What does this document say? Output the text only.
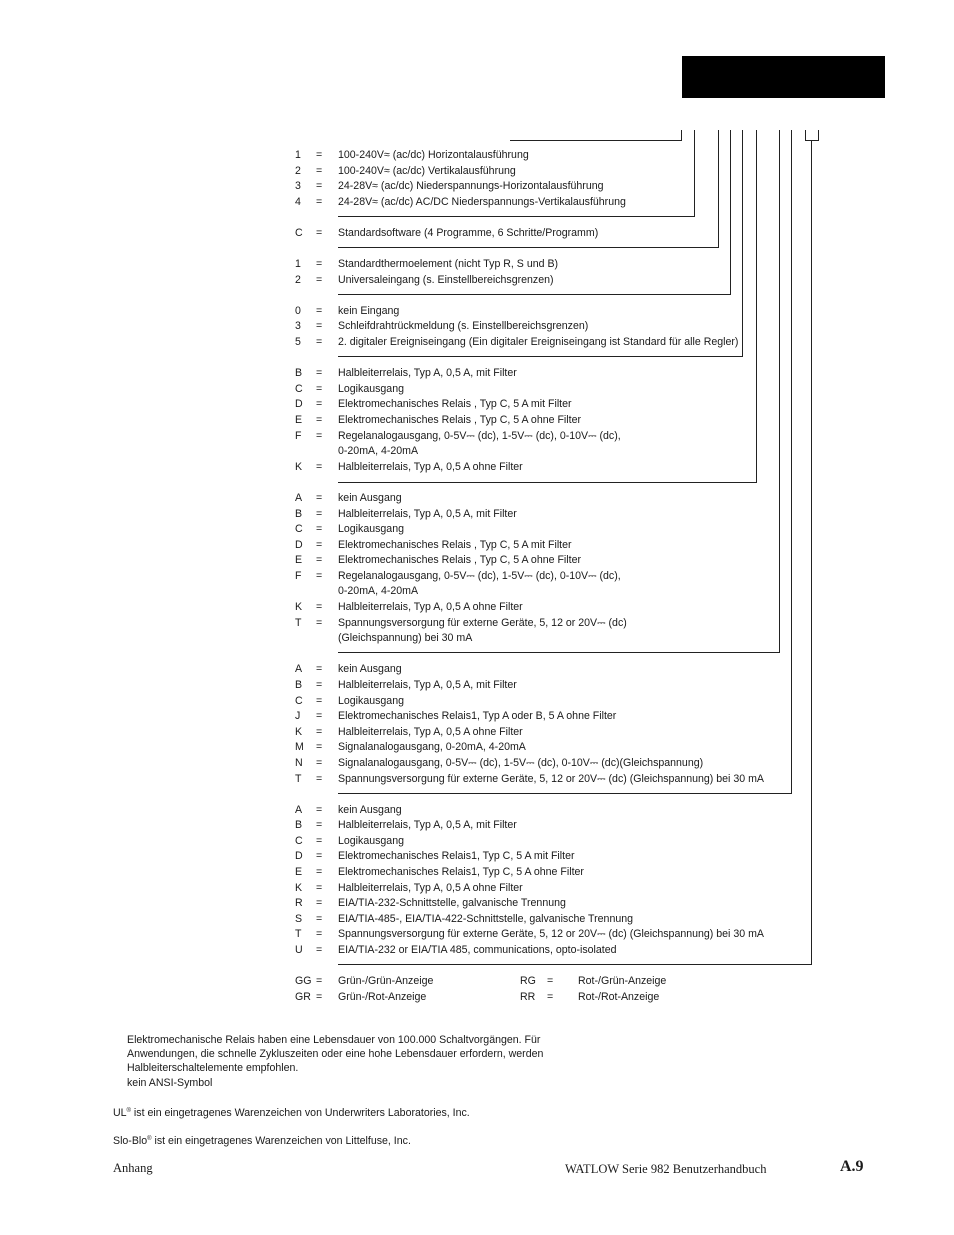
1 = 100-240V≈ (ac/dc) Horizontalausführung
2 = 100-240V≈ (ac/dc) Vertikalausführung
3 = 24-28V≈ (ac/dc) Niederspannungs-Horizontalausführung
4 = 24-28V≈ (ac/dc) AC/DC Niederspannungs-Vertikalausführung
C = Standardsoftware (4 Programme, 6 Schritte/Programm)
1 = Standardthermoelement (nicht Typ R, S und B)
2 = Universaleingang (s. Einstellbereichsgrenzen)
0 = kein Eingang
3 = Schleifdrahtrückmeldung (s. Einstellbereichsgrenzen)
5 = 2. digitaler Ereigniseingang (Ein digitaler Ereigniseingang ist Standard für alle Regler)
B = Halbleiterrelais, Typ A, 0,5 A, mit Filter
C = Logikausgang
D = Elektromechanisches Relais , Typ C, 5 A mit Filter
E = Elektromechanisches Relais , Typ C, 5 A ohne Filter
F = Regelanalogausgang, 0-5V⎓ (dc), 1-5V⎓ (dc), 0-10V⎓ (dc),
0-20mA, 4-20mA
K = Halbleiterrelais, Typ A, 0,5 A ohne Filter
A = kein Ausgang
B = Halbleiterrelais, Typ A, 0,5 A, mit Filter
C = Logikausgang
D = Elektromechanisches Relais , Typ C, 5 A mit Filter
E = Elektromechanisches Relais , Typ C, 5 A ohne Filter
F = Regelanalogausgang, 0-5V⎓ (dc), 1-5V⎓ (dc), 0-10V⎓ (dc),
0-20mA, 4-20mA
K = Halbleiterrelais, Typ A, 0,5 A ohne Filter
T = Spannungsversorgung für externe Geräte, 5, 12 or 20V⎓ (dc)
(Gleichspannung) bei 30 mA
A = kein Ausgang
B = Halbleiterrelais, Typ A, 0,5 A, mit Filter
C = Logikausgang
J = Elektromechanisches Relais1, Typ A oder B, 5 A ohne Filter
K = Halbleiterrelais, Typ A, 0,5 A ohne Filter
M = Signalanalogausgang, 0-20mA, 4-20mA
N = Signalanalogausgang, 0-5V⎓ (dc), 1-5V⎓ (dc), 0-10V⎓ (dc)(Gleichspannung)
T = Spannungsversorgung für externe Geräte, 5, 12 or 20V⎓ (dc) (Gleichspannung) bei 30 mA
A = kein Ausgang
B = Halbleiterrelais, Typ A, 0,5 A, mit Filter
C = Logikausgang
D = Elektromechanisches Relais1, Typ C, 5 A mit Filter
E = Elektromechanisches Relais1, Typ C, 5 A ohne Filter
K = Halbleiterrelais, Typ A, 0,5 A ohne Filter
R = EIA/TIA-232-Schnittstelle, galvanische Trennung
S = EIA/TIA-485-, EIA/TIA-422-Schnittstelle, galvanische Trennung
T = Spannungsversorgung für externe Geräte, 5, 12 or 20V⎓ (dc) (Gleichspannung) bei 30 mA
U = EIA/TIA-232 or EIA/TIA 485, communications, opto-isolated
GG = Grün-/Grün-Anzeige	RG = Rot-/Grün-Anzeige
GR = Grün-/Rot-Anzeige	RR = Rot-/Rot-Anzeige
Elektromechanische Relais haben eine Lebensdauer von 100.000 Schaltvorgängen. Für
Anwendungen, die schnelle Zykluszeiten oder eine hohe Lebensdauer erfordern, werden
Halbleiterschaltelemente empfohlen.
kein ANSI-Symbol
UL® ist ein eingetragenes Warenzeichen von Underwriters Laboratories, Inc.
Slo-Blo® ist ein eingetragenes Warenzeichen von Littelfuse, Inc.
Anhang	WATLOW Serie 982 Benutzerhandbuch	A.9
